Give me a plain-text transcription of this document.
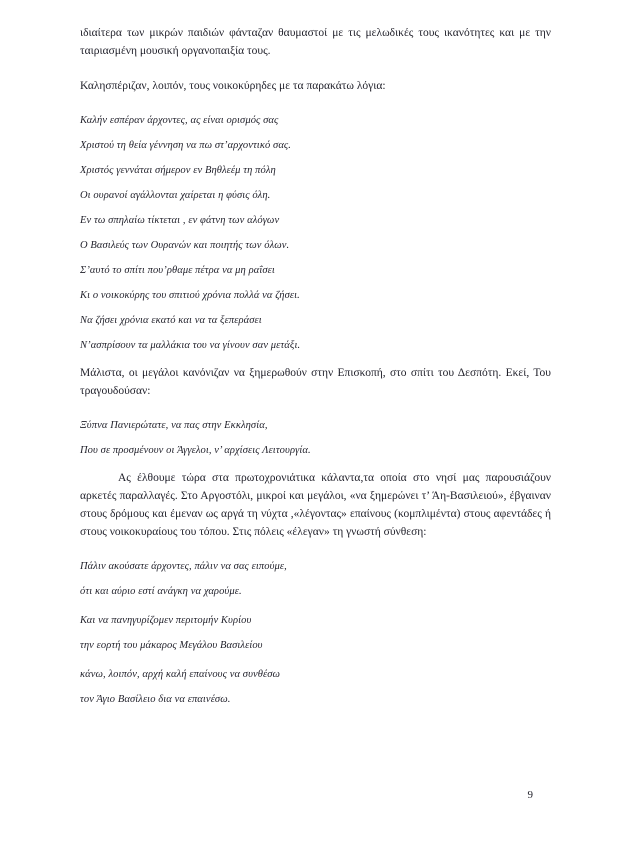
ιδιαίτερα των μικρών παιδιών φάνταζαν θαυμαστοί με τις μελωδικές τους ικανότητες και με την ταιριασμένη μουσική οργανοπαιξία τους.

Καλησπέριζαν, λοιπόν, τους νοικοκύρηδες με τα παρακάτω λόγια:

Καλήν εσπέραν άρχοντες, ας είναι ορισμός σας

Χριστού τη θεία γέννηση να πω στ’αρχοντικό σας.

Χριστός γεννάται σήμερον εν Βηθλεέμ τη πόλη

Οι ουρανοί αγάλλονται χαίρεται η φύσις όλη.

Εν τω σπηλαίω τίκτεται , εν φάτνη των αλόγων

Ο Βασιλεύς των Ουρανών και ποιητής των όλων.

Σ’αυτό το σπίτι που’ρθαμε πέτρα να μη ραΐσει

Κι ο νοικοκύρης του σπιτιού χρόνια πολλά να ζήσει.

Να ζήσει χρόνια εκατό και να τα ξεπεράσει

Ν’ασπρίσουν τα μαλλάκια του να γίνουν σαν μετάξι.

Μάλιστα, οι μεγάλοι κανόνιζαν να ξημερωθούν στην Επισκοπή, στο σπίτι του Δεσπότη. Εκεί, Του τραγουδούσαν:

Ξύπνα Πανιερώτατε, να πας στην Εκκλησία,

Που σε προσμένουν οι Άγγελοι, ν’ αρχίσεις Λειτουργία.

Ας έλθουμε τώρα στα πρωτοχρονιάτικα κάλαντα,τα οποία στο νησί μας παρουσιάζουν αρκετές παραλλαγές. Στο Αργοστόλι, μικροί και μεγάλοι, «να ξημερώνει τ’ Άη-Βασιλειού», έβγαιναν στους δρόμους και έμεναν ως αργά τη νύχτα ,«λέγοντας» επαίνους (κομπλιμέντα) στους αφεντάδες ή στους νοικοκυραίους του τόπου. Στις πόλεις «έλεγαν» τη γνωστή σύνθεση:

Πάλιν ακούσατε άρχοντες, πάλιν να σας ειπούμε,

ότι και αύριο εστί ανάγκη να χαρούμε.

Και να πανηγυρίζομεν περιτομήν Κυρίου

την εορτή του μάκαρος Μεγάλου Βασιλείου

κάνω, λοιπόν, αρχή καλή επαίνους να συνθέσω

τον Άγιο Βασίλειο δια να επαινέσω.

9
